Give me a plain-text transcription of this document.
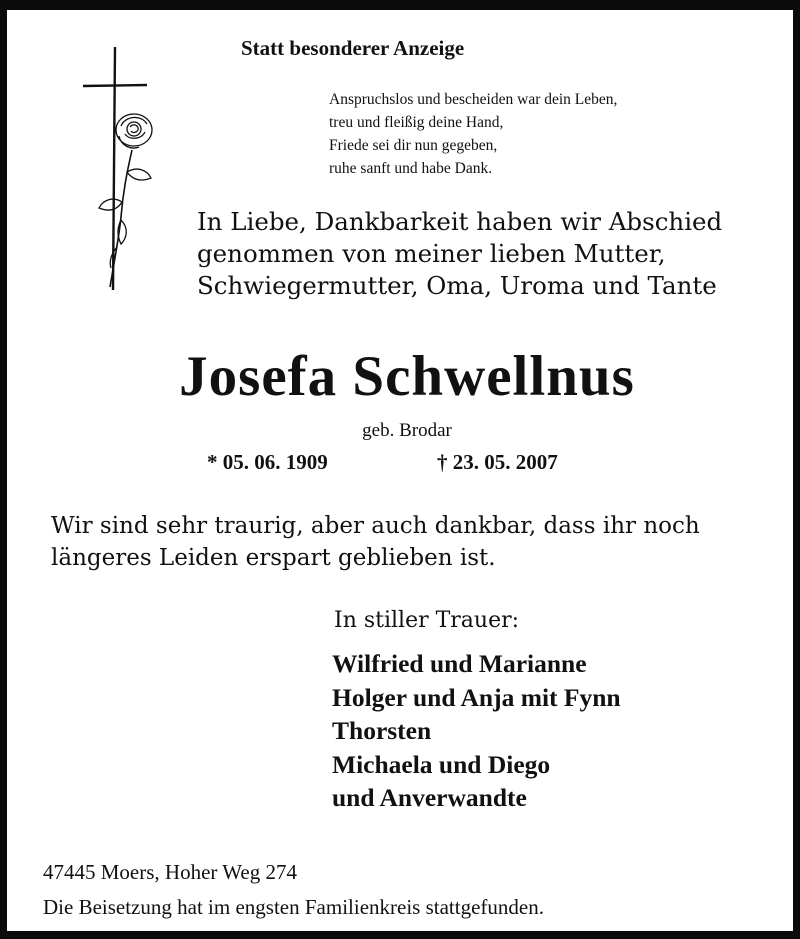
Statt besonderer Anzeige
Anspruchslos und bescheiden war dein Leben,
treu und fleißig deine Hand,
Friede sei dir nun gegeben,
ruhe sanft und habe Dank.
In Liebe, Dankbarkeit haben wir Abschied
genommen von meiner lieben Mutter,
Schwiegermutter, Oma, Uroma und Tante
Josefa Schwellnus
geb. Brodar
* 05. 06. 1909	† 23. 05. 2007
Wir sind sehr traurig, aber auch dankbar, dass ihr noch
längeres Leiden erspart geblieben ist.
In stiller Trauer:
Wilfried und Marianne
Holger und Anja mit Fynn
Thorsten
Michaela und Diego
und Anverwandte
47445 Moers, Hoher Weg 274
Die Beisetzung hat im engsten Familienkreis stattgefunden.
